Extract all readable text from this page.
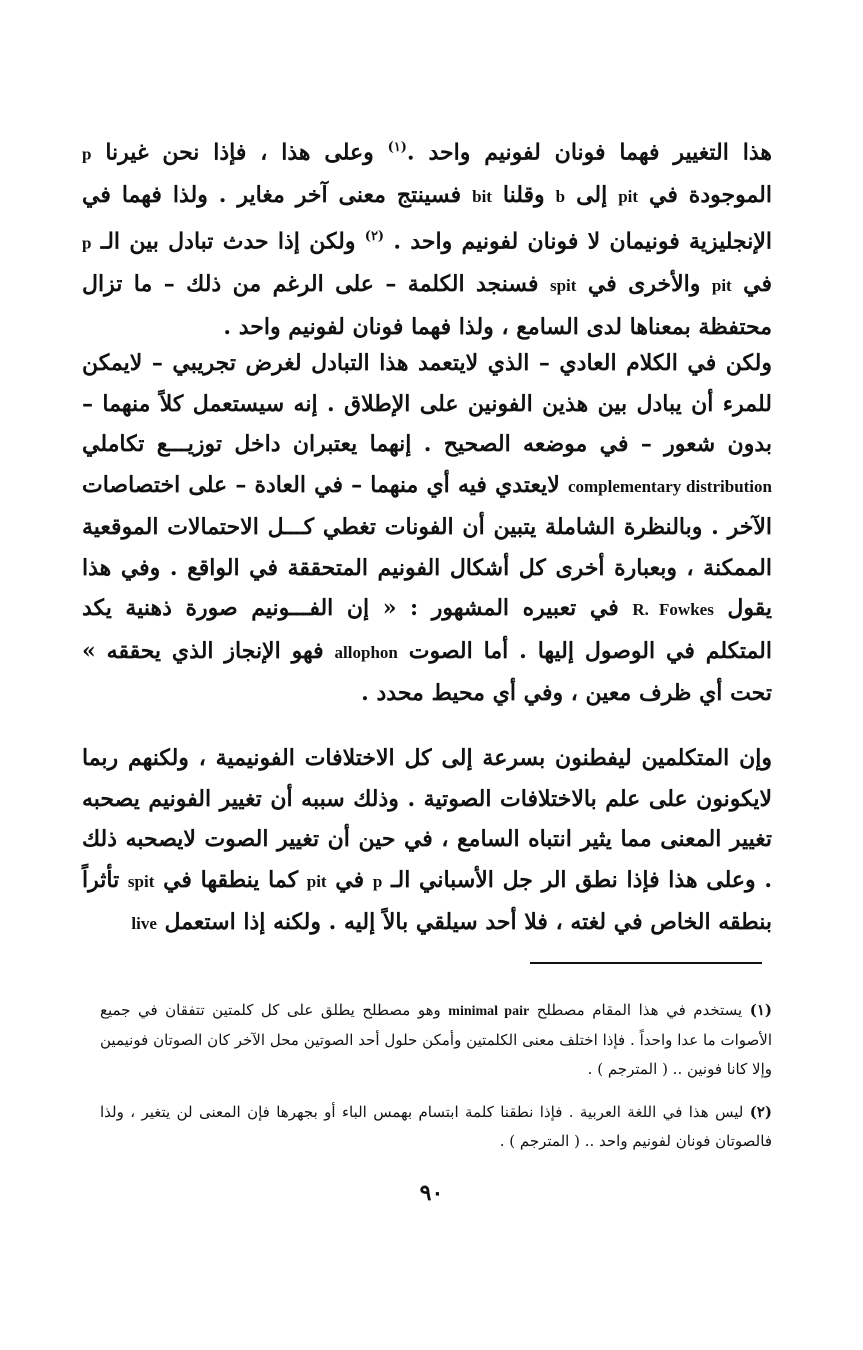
هذا التغيير فهما فونان لفونيم واحد .$^{(١)}$ وعلى هذا ، فإذا نحن غيرنا p الموجودة في pit إلى b وقلنا bit فسينتج معنى آخر مغاير . ولذا فهما في الإنجليزية فونيمان لا فونان لفونيم واحد . $^{(٢)}$ ولكن إذا حدث تبادل بين الـ p في pit والأخرى في spit فسنجد الكلمة – على الرغم من ذلك – ما تزال محتفظة بمعناها لدى السامع ، ولذا فهما فونان لفونيم واحد .

ولكن في الكلام العادي – الذي لايتعمد هذا التبادل لغرض تجريبي – لايمكن للمرء أن يبادل بين هذين الفونين على الإطلاق . إنه سيستعمل كلاً منهما – بدون شعور – في موضعه الصحيح . إنهما يعتبران داخل توزيـــع تكاملي complementary distribution لايعتدي فيه أي منهما – في العادة – على اختصاصات الآخر . وبالنظرة الشاملة يتبين أن الفونات تغطي كـــل الاحتمالات الموقعية الممكنة ، وبعبارة أخرى كل أشكال الفونيم المتحققة في الواقع . وفي هذا يقول R. Fowkes في تعبيره المشهور : « إن الفـــونيم صورة ذهنية يكد المتكلم في الوصول إليها . أما الصوت allophon فهو الإنجاز الذي يحققه » تحت أي ظرف معين ، وفي أي محيط محدد .

وإن المتكلمين ليفطنون بسرعة إلى كل الاختلافات الفونيمية ، ولكنهم ربما لايكونون على علم بالاختلافات الصوتية . وذلك سببه أن تغيير الفونيم يصحبه تغيير المعنى مما يثير انتباه السامع ، في حين أن تغيير الصوت لايصحبه ذلك . وعلى هذا فإذا نطق الر جل الأسباني الـ p في pit كما ينطقها في spit تأثراً بنطقه الخاص في لغته ، فلا أحد سيلقي بالاً إليه . ولكنه إذا استعمل live

(١) يستخدم في هذا المقام مصطلح minimal pair وهو مصطلح يطلق على كل كلمتين تتفقان في جميع الأصوات ما عدا واحداً . فإذا اختلف معنى الكلمتين وأمكن حلول أحد الصوتين محل الآخر كان الصوتان فونيمين وإلا كانا فونين .. ( المترجم ) .

(٢) ليس هذا في اللغة العربية . فإذا نطقنا كلمة ابتسام بهمس الباء أو بجهرها فإن المعنى لن يتغير ، ولذا فالصوتان فونان لفونيم واحد .. ( المترجم ) .

٩٠
